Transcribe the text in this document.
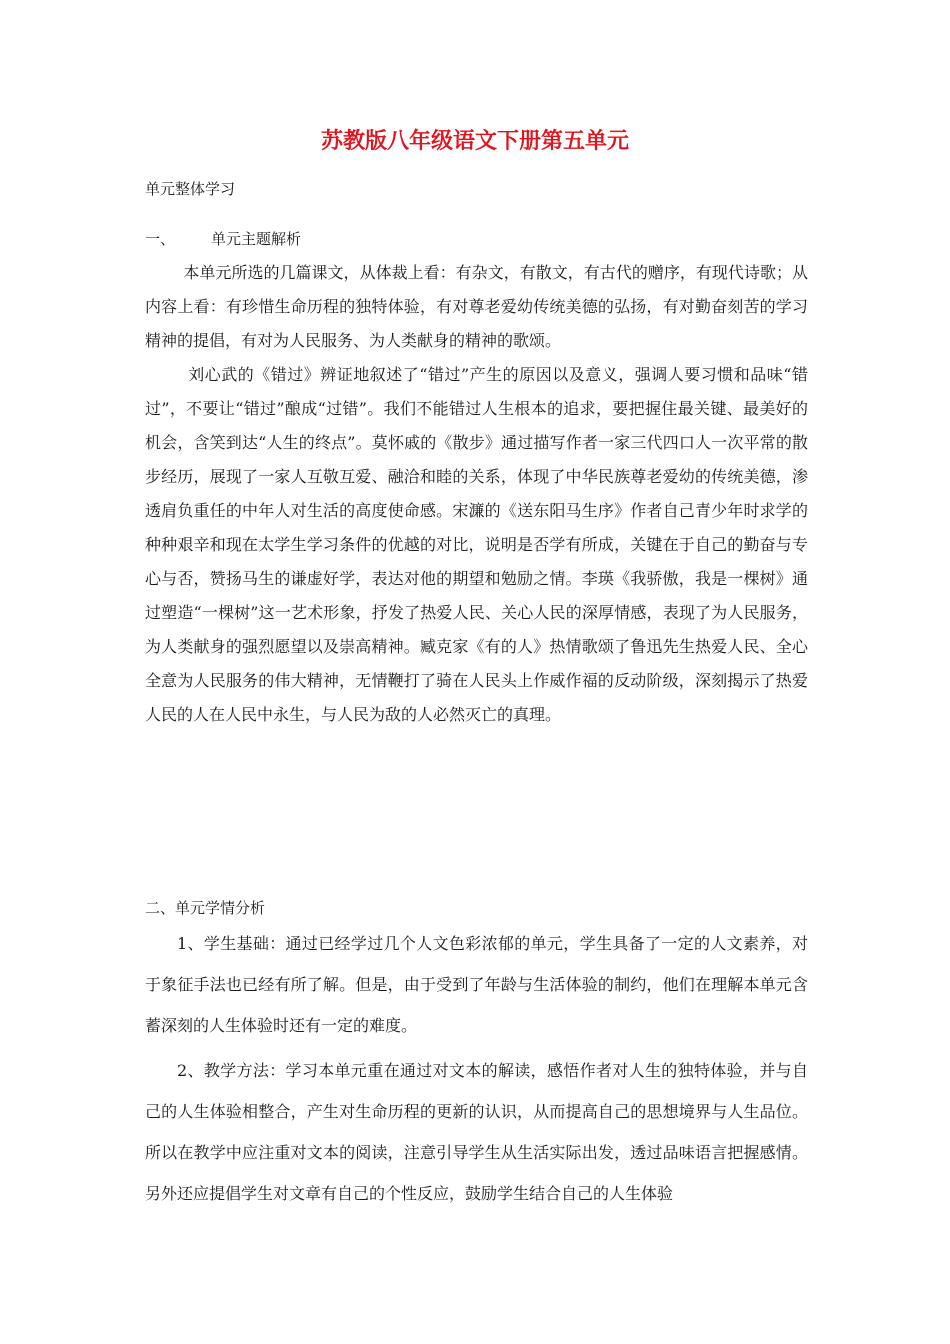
苏教版八年级语文下册第五单元

单元整体学习

一、 单元主题解析

本单元所选的几篇课文，从体裁上看：有杂文，有散文，有古代的赠序，有现代诗歌；从内容上看：有珍惜生命历程的独特体验，有对尊老爱幼传统美德的弘扬，有对勤奋刻苦的学习精神的提倡，有对为人民服务、为人类献身的精神的歌颂。

刘心武的《错过》辨证地叙述了“错过”产生的原因以及意义，强调人要习惯和品味“错过”，不要让“错过”酿成“过错”。我们不能错过人生根本的追求，要把握住最关键、最美好的机会，含笑到达“人生的终点”。莫怀戚的《散步》通过描写作者一家三代四口人一次平常的散步经历，展现了一家人互敬互爱、融洽和睦的关系，体现了中华民族尊老爱幼的传统美德，渗透肩负重任的中年人对生活的高度使命感。宋濂的《送东阳马生序》作者自己青少年时求学的种种艰辛和现在太学生学习条件的优越的对比，说明是否学有所成，关键在于自己的勤奋与专心与否，赞扬马生的谦虚好学，表达对他的期望和勉励之情。李瑛《我骄傲，我是一棵树》通过塑造“一棵树”这一艺术形象，抒发了热爱人民、关心人民的深厚情感，表现了为人民服务，为人类献身的强烈愿望以及崇高精神。臧克家《有的人》热情歌颂了鲁迅先生热爱人民、全心全意为人民服务的伟大精神，无情鞭打了骑在人民头上作威作福的反动阶级，深刻揭示了热爱人民的人在人民中永生，与人民为敌的人必然灭亡的真理。

二、单元学情分析

1、学生基础：通过已经学过几个人文色彩浓郁的单元，学生具备了一定的人文素养，对于象征手法也已经有所了解。但是，由于受到了年龄与生活体验的制约，他们在理解本单元含蓄深刻的人生体验时还有一定的难度。

2、教学方法：学习本单元重在通过对文本的解读，感悟作者对人生的独特体验，并与自己的人生体验相整合，产生对生命历程的更新的认识，从而提高自己的思想境界与人生品位。所以在教学中应注重对文本的阅读，注意引导学生从生活实际出发，透过品味语言把握感情。另外还应提倡学生对文章有自己的个性反应，鼓励学生结合自己的人生体验
